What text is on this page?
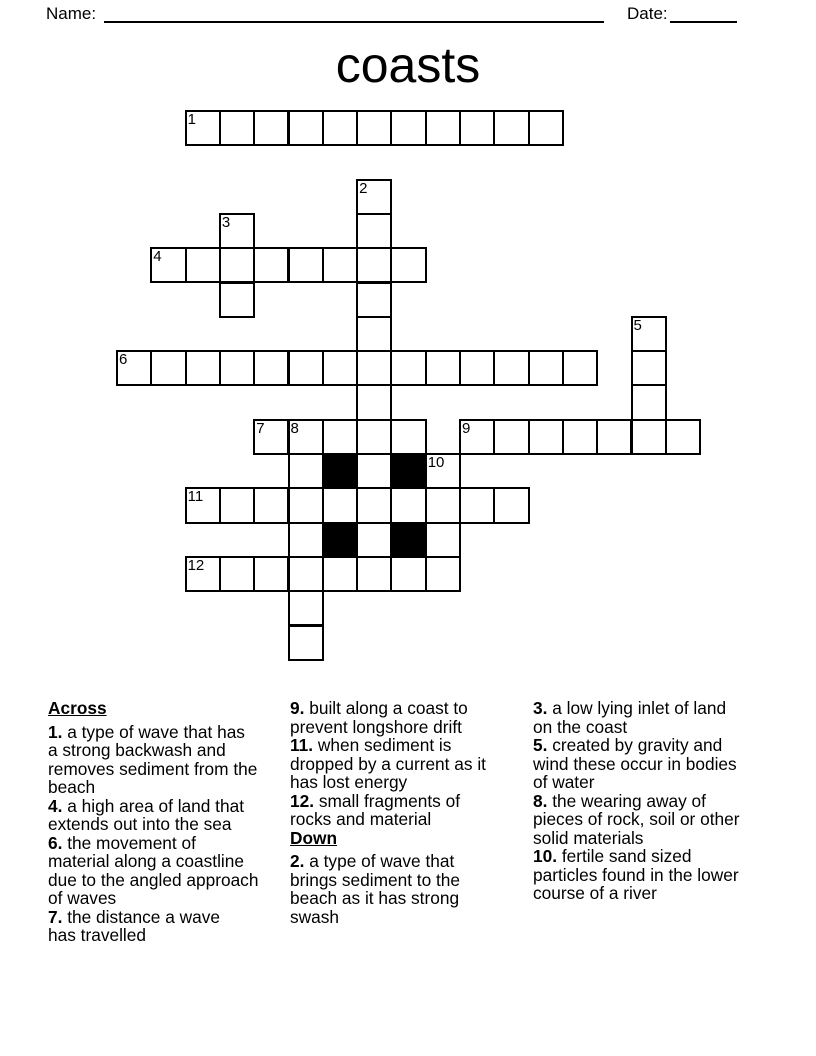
Name:	Date:
coasts
1
2
3
4
5
6
7 8	9
10
11
12
Across
1. a type of wave that has
a strong backwash and
removes sediment from the
beach
4. a high area of land that
extends out into the sea
6. the movement of
material along a coastline
due to the angled approach
of waves
7. the distance a wave
has travelled
9. built along a coast to
prevent longshore drift
11. when sediment is
dropped by a current as it
has lost energy
12. small fragments of
rocks and material
Down
2. a type of wave that
brings sediment to the
beach as it has strong
swash
3. a low lying inlet of land
on the coast
5. created by gravity and
wind these occur in bodies
of water
8. the wearing away of
pieces of rock, soil or other
solid materials
10. fertile sand sized
particles found in the lower
course of a river
